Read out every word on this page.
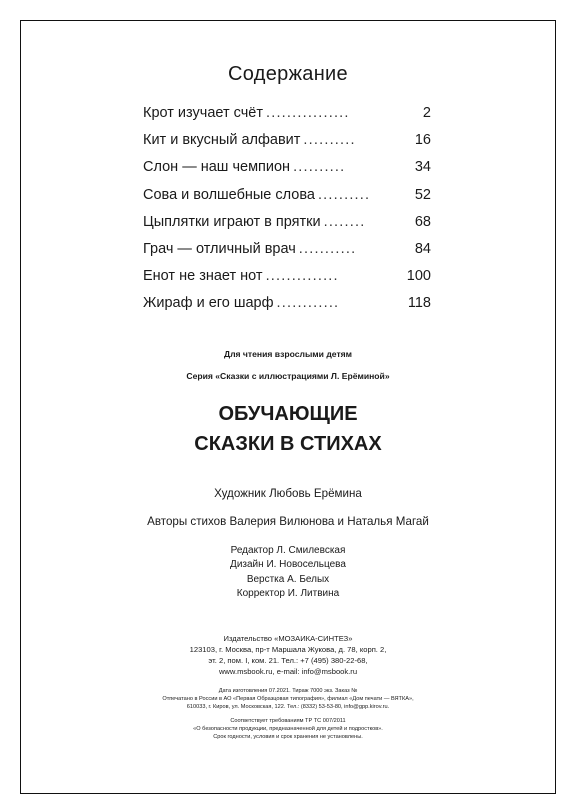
Содержание
Крот изучает счёт ................	2
Кит и вкусный алфавит ..........	16
Слон — наш чемпион ..........	34
Сова и волшебные слова ..........	52
Цыплятки играют в прятки ........	68
Грач — отличный врач ...........	84
Енот не знает нот ..............	100
Жираф и его шарф ............	118
Для чтения взрослыми детям
Серия «Сказки с иллюстрациями Л. Ерёминой»
ОБУЧАЮЩИЕ
СКАЗКИ В СТИХАХ
Художник Любовь Ерёмина
Авторы стихов Валерия Вилюнова и Наталья Магай
Редактор Л. Смилевская
Дизайн И. Новосельцева
Верстка А. Белых
Корректор И. Литвина
Издательство «МОЗАИКА-СИНТЕЗ»
123103, г. Москва, пр-т Маршала Жукова, д. 78, корп. 2,
эт. 2, пом. I, ком. 21. Тел.: +7 (495) 380-22-68,
www.msbook.ru, e-mail: info@msbook.ru
Дата изготовления 07.2021. Тираж 7000 экз. Заказ №
Отпечатано в России в АО «Первая Образцовая типография», филиал «Дом печати — ВЯТКА»,
610033, г. Киров, ул. Московская, 122. Тел.: (8332) 53-53-80, info@gpp.kirov.ru.
Соответствует требованиям ТР ТС 007/2011
«О безопасности продукции, предназначенной для детей и подростков».
Срок годности, условия и срок хранения не установлены.
